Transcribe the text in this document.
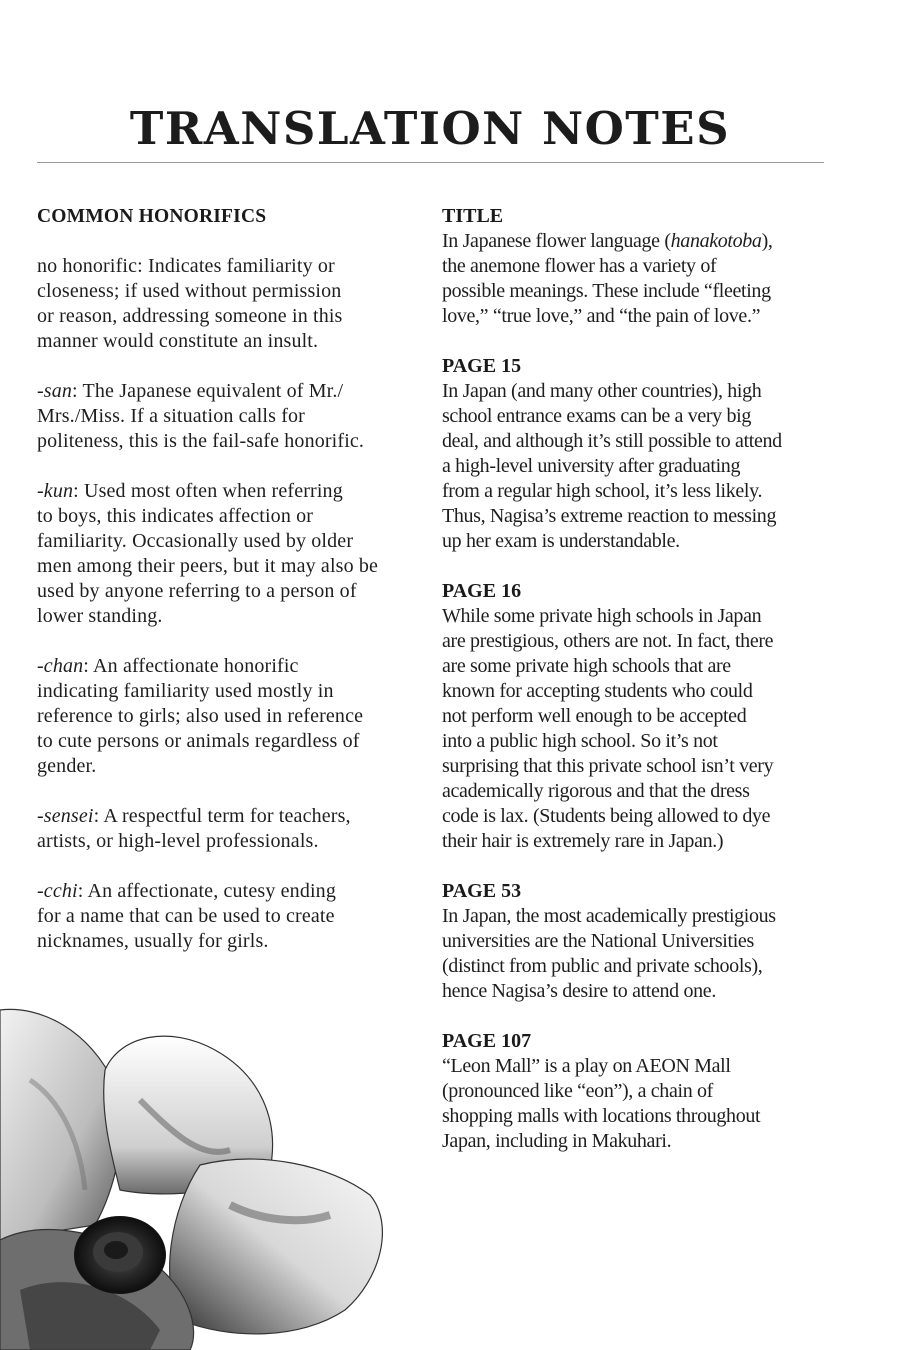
TRANSLATION NOTES

COMMON HONORIFICS

no honorific: Indicates familiarity or

closeness; if used without permission

or reason, addressing someone in this

manner would constitute an insult.

-san: The Japanese equivalent of Mr./

Mrs./Miss. If a situation calls for

politeness, this is the fail-safe honorific.

-kun: Used most often when referring

to boys, this indicates affection or

familiarity. Occasionally used by older

men among their peers, but it may also be

used by anyone referring to a person of

lower standing.

-chan: An affectionate honorific

indicating familiarity used mostly in

reference to girls; also used in reference

to cute persons or animals regardless of

gender.

-sensei: A respectful term for teachers,

artists, or high-level professionals.

-cchi: An affectionate, cutesy ending

for a name that can be used to create

nicknames, usually for girls.

TITLE

In Japanese flower language (hanakotoba),

the anemone flower has a variety of

possible meanings. These include “fleeting

love,” “true love,” and “the pain of love.”

PAGE 15

In Japan (and many other countries), high

school entrance exams can be a very big

deal, and although it’s still possible to attend

a high-level university after graduating

from a regular high school, it’s less likely.

Thus, Nagisa’s extreme reaction to messing

up her exam is understandable.

PAGE 16

While some private high schools in Japan

are prestigious, others are not. In fact, there

are some private high schools that are

known for accepting students who could

not perform well enough to be accepted

into a public high school. So it’s not

surprising that this private school isn’t very

academically rigorous and that the dress

code is lax. (Students being allowed to dye

their hair is extremely rare in Japan.)

PAGE 53

In Japan, the most academically prestigious

universities are the National Universities

(distinct from public and private schools),

hence Nagisa’s desire to attend one.

PAGE 107

“Leon Mall” is a play on AEON Mall

(pronounced like “eon”), a chain of

shopping malls with locations throughout

Japan, including in Makuhari.
